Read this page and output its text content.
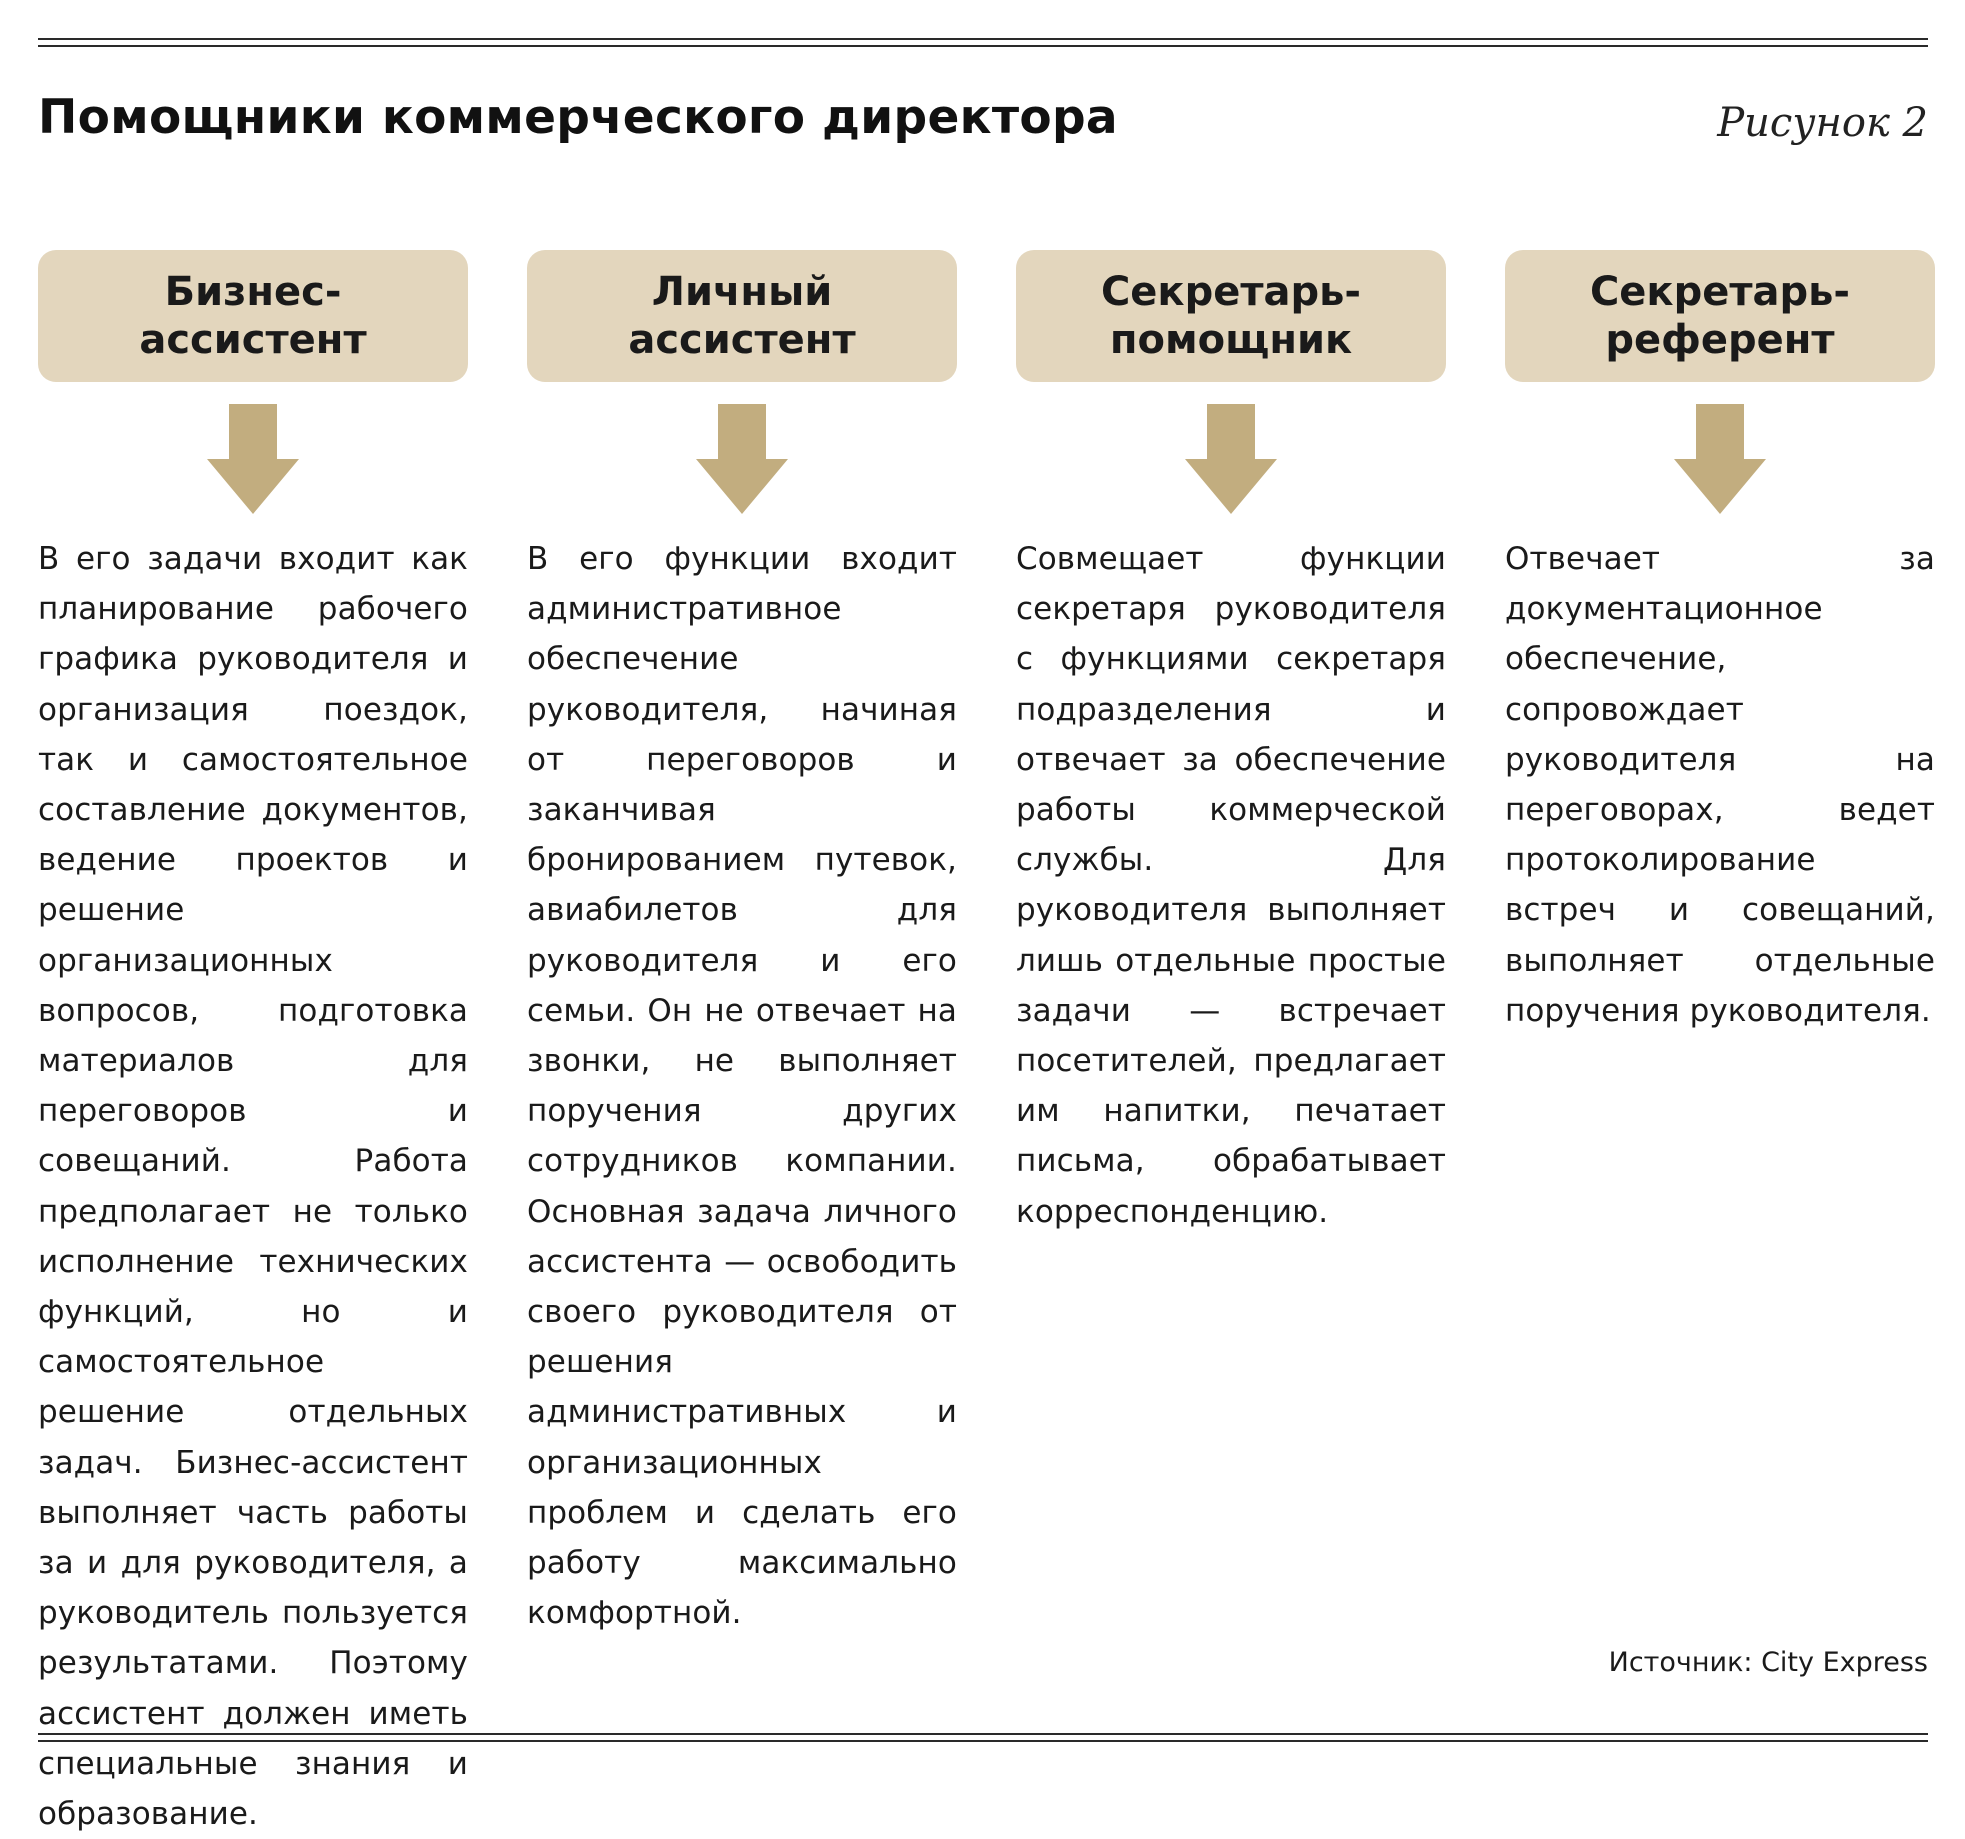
Помощники коммерческого директора	Рисунок 2
Бизнес-
ассистент
В его задачи входит как планирование рабочего графика руководителя и организация поездок, так и самостоятельное составление документов, ведение проектов и решение организационных вопросов, подготовка материалов для переговоров и совещаний. Работа предполагает не только исполнение технических функций, но и самостоятельное решение отдельных задач. Бизнес-ассистент выполняет часть работы за и для руководителя, а руководитель пользуется результатами. Поэтому ассистент должен иметь специальные знания и образование.
Личный
ассистент
В его функции входит административное обеспечение руководителя, начиная от переговоров и заканчивая бронированием путевок, авиабилетов для руководителя и его семьи. Он не отвечает на звонки, не выполняет поручения других сотрудников компании. Основная задача личного ассистента — освободить своего руководителя от решения административных и организационных проблем и сделать его работу максимально комфортной.
Секретарь-
помощник
Совмещает функции секретаря руководителя с функциями секретаря подразделения и отвечает за обеспечение работы коммерческой службы. Для руководителя выполняет лишь отдельные простые задачи — встречает посетителей, предлагает им напитки, печатает письма, обрабатывает корреспонденцию.
Секретарь-
референт
Отвечает за документационное обеспечение, сопровождает руководителя на переговорах, ведет протоколирование встреч и совещаний, выполняет отдельные поручения руководителя.
Источник: City Express
